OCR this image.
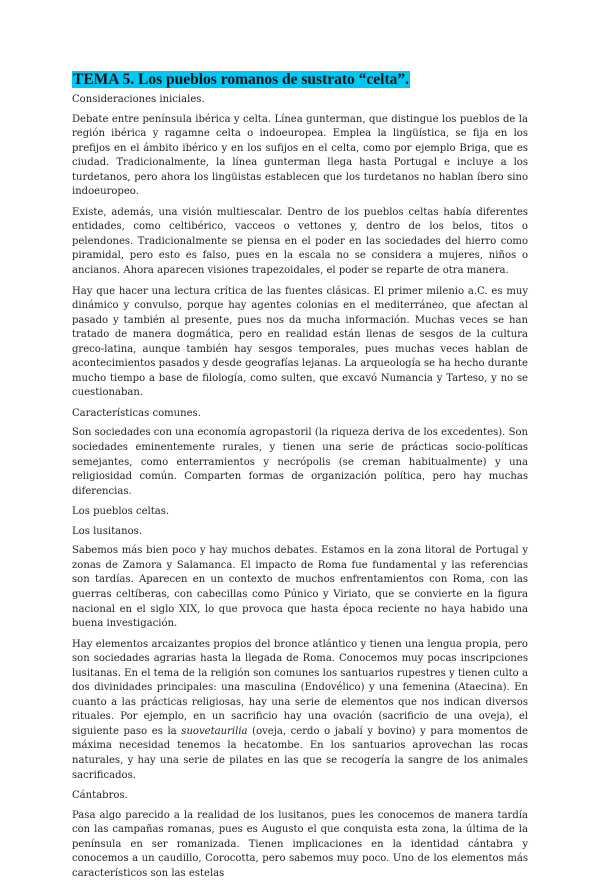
TEMA 5. Los pueblos romanos de sustrato “celta”.
Consideraciones iniciales.

Debate entre península ibérica y celta. Línea gunterman, que distingue los pueblos de la región ibérica y ragamne celta o indoeuropea. Emplea la lingüística, se fija en los prefijos en el ámbito ibérico y en los sufijos en el celta, como por ejemplo Briga, que es ciudad. Tradicionalmente, la línea gunterman llega hasta Portugal e incluye a los turdetanos, pero ahora los lingüistas establecen que los turdetanos no hablan íbero sino indoeuropeo.

Existe, además, una visión multiescalar. Dentro de los pueblos celtas había diferentes entidades, como celtibérico, vacceos o vettones y, dentro de los belos, titos o pelendones. Tradicionalmente se piensa en el poder en las sociedades del hierro como piramidal, pero esto es falso, pues en la escala no se considera a mujeres, niños o ancianos. Ahora aparecen visiones trapezoidales, el poder se reparte de otra manera.

Hay que hacer una lectura crítica de las fuentes clásicas. El primer milenio a.C. es muy dinámico y convulso, porque hay agentes colonias en el mediterráneo, que afectan al pasado y también al presente, pues nos da mucha información. Muchas veces se han tratado de manera dogmática, pero en realidad están llenas de sesgos de la cultura greco-latina, aunque también hay sesgos temporales, pues muchas veces hablan de acontecimientos pasados y desde geografías lejanas. La arqueología se ha hecho durante mucho tiempo a base de filología, como sulten, que excavó Numancia y Tarteso, y no se cuestionaban.

Características comunes.

Son sociedades con una economía agropastoril (la riqueza deriva de los excedentes). Son sociedades eminentemente rurales, y tienen una serie de prácticas socio-políticas semejantes, como enterramientos y necrópolis (se creman habitualmente) y una religiosidad común. Comparten formas de organización política, pero hay muchas diferencias.

Los pueblos celtas.
Los lusitanos.

Sabemos más bien poco y hay muchos debates. Estamos en la zona litoral de Portugal y zonas de Zamora y Salamanca. El impacto de Roma fue fundamental y las referencias son tardías. Aparecen en un contexto de muchos enfrentamientos con Roma, con las guerras celtíberas, con cabecillas como Púnico y Viriato, que se convierte en la figura nacional en el siglo XIX, lo que provoca que hasta época reciente no haya habido una buena investigación.

Hay elementos arcaizantes propios del bronce atlántico y tienen una lengua propia, pero son sociedades agrarias hasta la llegada de Roma. Conocemos muy pocas inscripciones lusitanas. En el tema de la religión son comunes los santuarios rupestres y tienen culto a dos divinidades principales: una masculina (Endovélico) y una femenina (Ataecina). En cuanto a las prácticas religiosas, hay una serie de elementos que nos indican diversos rituales. Por ejemplo, en un sacrificio hay una ovación (sacrificio de una oveja), el siguiente paso es la suovetaurilia (oveja, cerdo o jabalí y bovino) y para momentos de máxima necesidad tenemos la hecatombe. En los santuarios aprovechan las rocas naturales, y hay una serie de pilates en las que se recogería la sangre de los animales sacrificados.

Cántabros.

Pasa algo parecido a la realidad de los lusitanos, pues les conocemos de manera tardía con las campañas romanas, pues es Augusto el que conquista esta zona, la última de la península en ser romanizada. Tienen implicaciones en la identidad cántabra y conocemos a un caudillo, Corocotta, pero sabemos muy poco. Uno de los elementos más característicos son las estelas
